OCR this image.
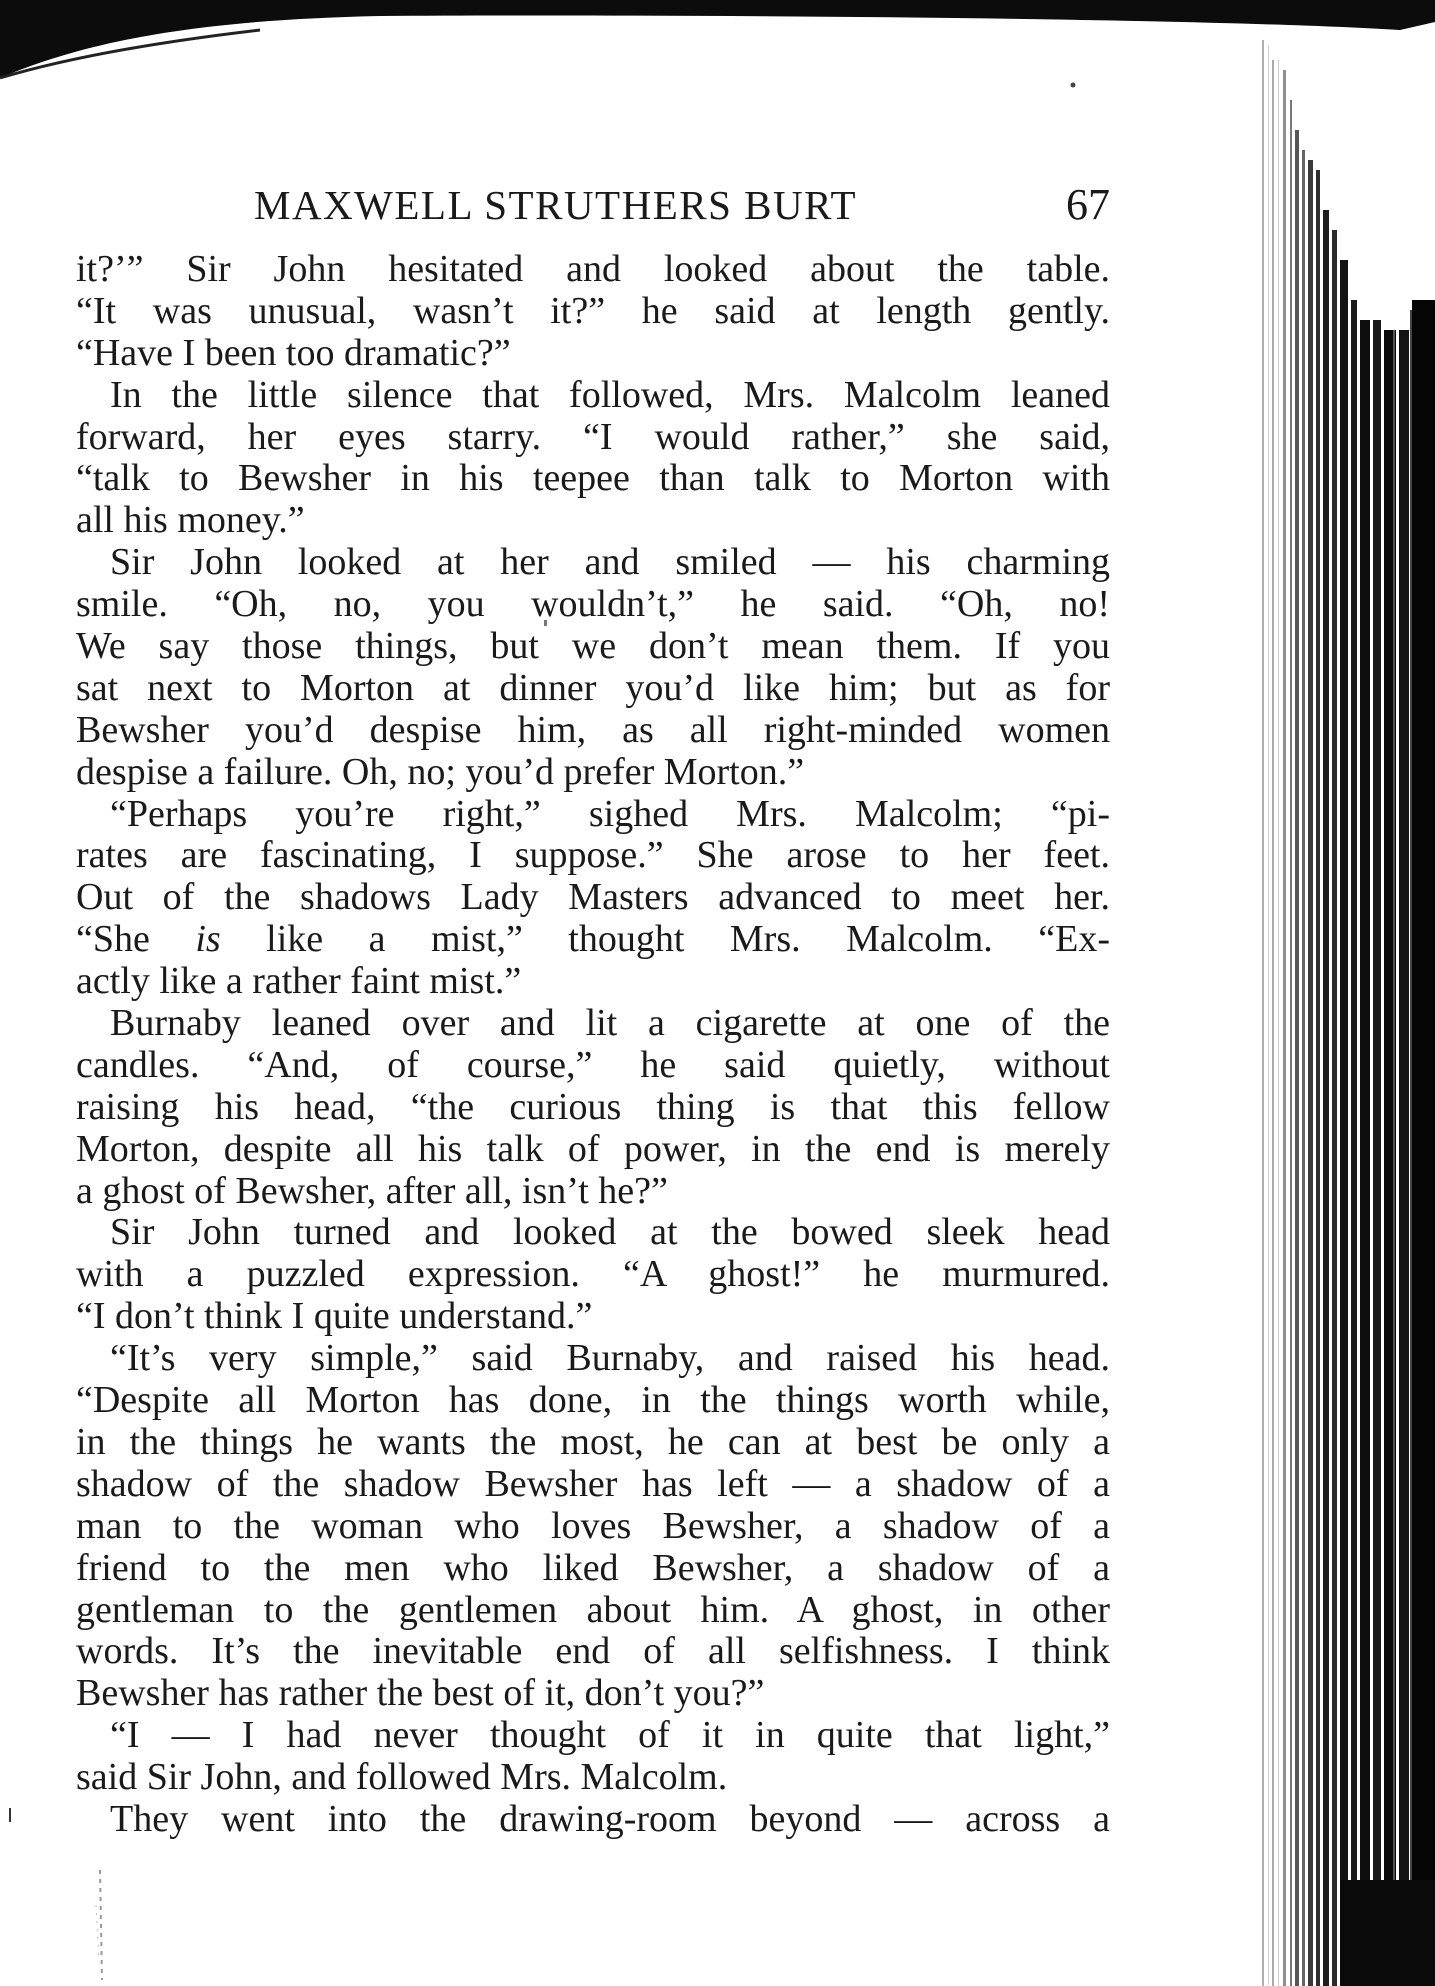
MAXWELL STRUTHERS BURT	67
it?’” Sir John hesitated and looked about the table.
“It was unusual, wasn’t it?” he said at length gently.
“Have I been too dramatic?”
In the little silence that followed, Mrs. Malcolm leaned
forward, her eyes starry. “I would rather,” she said,
“talk to Bewsher in his teepee than talk to Morton with
all his money.”
Sir John looked at her and smiled — his charming
smile. “Oh, no, you wouldn’t,” he said. “Oh, no!
We say those things, but we don’t mean them. If you
sat next to Morton at dinner you’d like him; but as for
Bewsher you’d despise him, as all right-minded women
despise a failure. Oh, no; you’d prefer Morton.”
“Perhaps you’re right,” sighed Mrs. Malcolm; “pi-
rates are fascinating, I suppose.” She arose to her feet.
Out of the shadows Lady Masters advanced to meet her.
“She is like a mist,” thought Mrs. Malcolm. “Ex-
actly like a rather faint mist.”
Burnaby leaned over and lit a cigarette at one of the
candles. “And, of course,” he said quietly, without
raising his head, “the curious thing is that this fellow
Morton, despite all his talk of power, in the end is merely
a ghost of Bewsher, after all, isn’t he?”
Sir John turned and looked at the bowed sleek head
with a puzzled expression. “A ghost!” he murmured.
“I don’t think I quite understand.”
“It’s very simple,” said Burnaby, and raised his head.
“Despite all Morton has done, in the things worth while,
in the things he wants the most, he can at best be only a
shadow of the shadow Bewsher has left — a shadow of a
man to the woman who loves Bewsher, a shadow of a
friend to the men who liked Bewsher, a shadow of a
gentleman to the gentlemen about him. A ghost, in other
words. It’s the inevitable end of all selfishness. I think
Bewsher has rather the best of it, don’t you?”
“I — I had never thought of it in quite that light,”
said Sir John, and followed Mrs. Malcolm.
They went into the drawing-room beyond — across a
